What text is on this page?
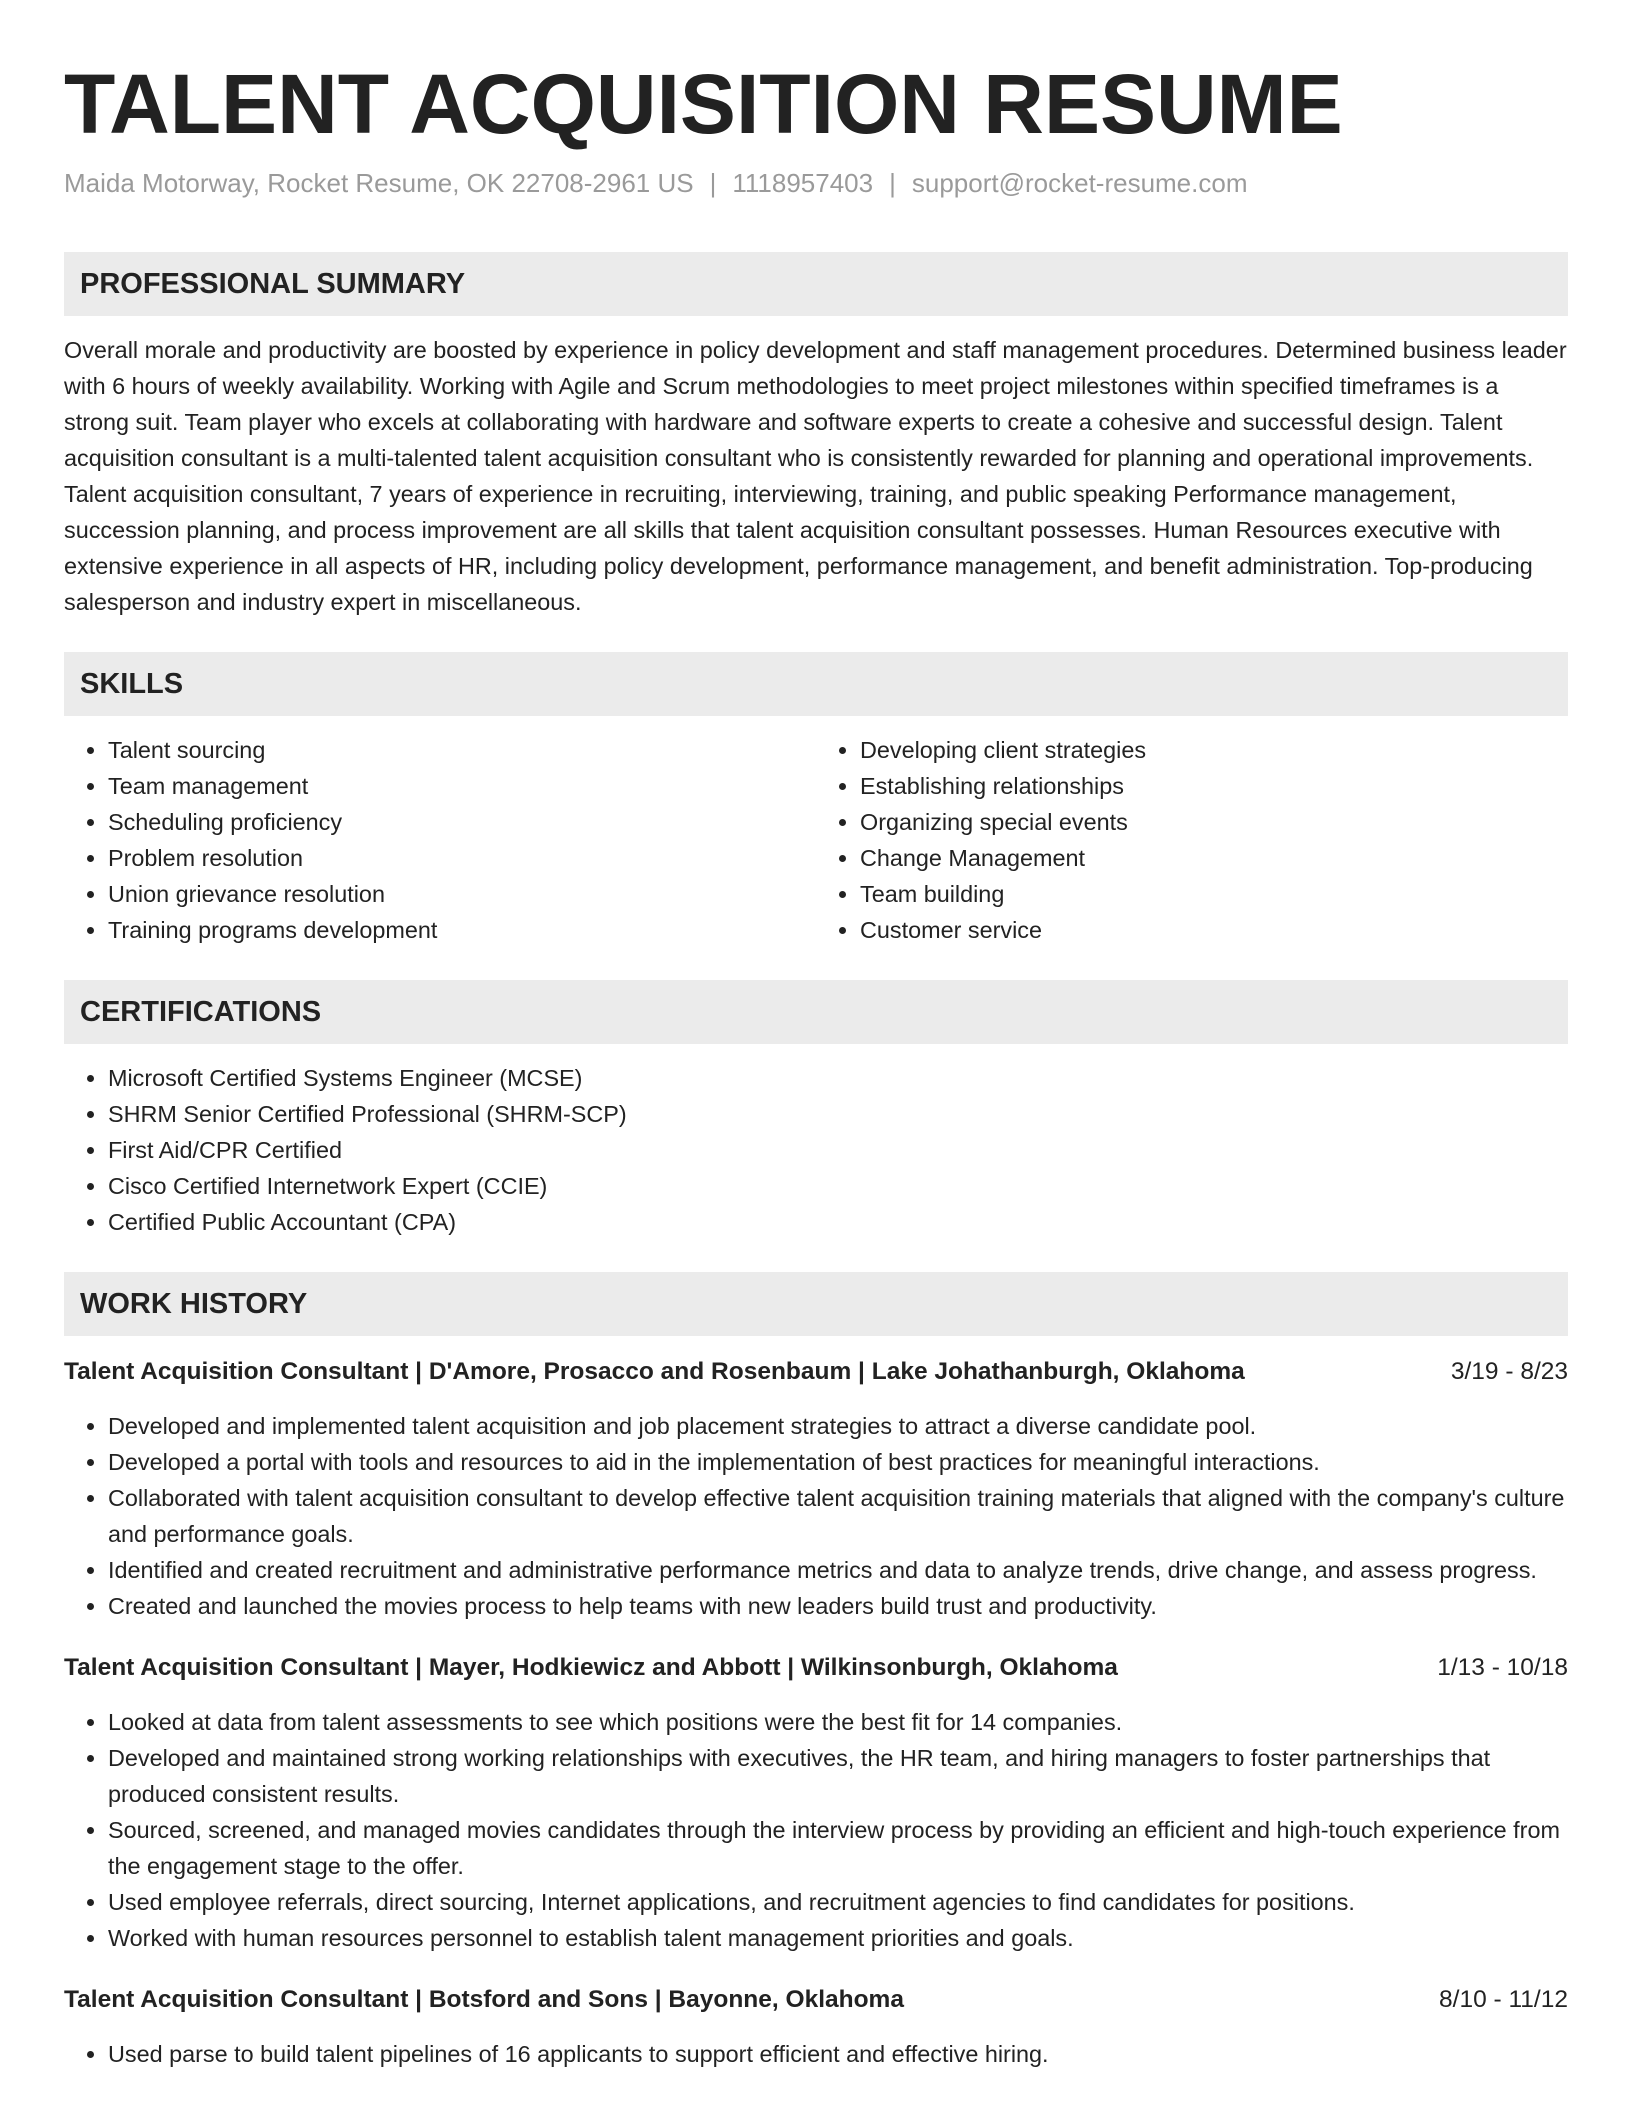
TALENT ACQUISITION RESUME
Maida Motorway, Rocket Resume, OK 22708-2961 US | 1118957403 | support@rocket-resume.com
PROFESSIONAL SUMMARY

Overall morale and productivity are boosted by experience in policy development and staff management procedures. Determined business leader with 6 hours of weekly availability. Working with Agile and Scrum methodologies to meet project milestones within specified timeframes is a strong suit. Team player who excels at collaborating with hardware and software experts to create a cohesive and successful design. Talent acquisition consultant is a multi-talented talent acquisition consultant who is consistently rewarded for planning and operational improvements. Talent acquisition consultant, 7 years of experience in recruiting, interviewing, training, and public speaking Performance management, succession planning, and process improvement are all skills that talent acquisition consultant possesses. Human Resources executive with extensive experience in all aspects of HR, including policy development, performance management, and benefit administration. Top-producing salesperson and industry expert in miscellaneous.

SKILLS
• Talent sourcing
• Team management
• Scheduling proficiency
• Problem resolution
• Union grievance resolution
• Training programs development
• Developing client strategies
• Establishing relationships
• Organizing special events
• Change Management
• Team building
• Customer service
CERTIFICATIONS
• Microsoft Certified Systems Engineer (MCSE)
• SHRM Senior Certified Professional (SHRM-SCP)
• First Aid/CPR Certified
• Cisco Certified Internetwork Expert (CCIE)
• Certified Public Accountant (CPA)
WORK HISTORY
Talent Acquisition Consultant | D'Amore, Prosacco and Rosenbaum | Lake Johathanburgh, Oklahoma	3/19 - 8/23
• Developed and implemented talent acquisition and job placement strategies to attract a diverse candidate pool.
• Developed a portal with tools and resources to aid in the implementation of best practices for meaningful interactions.
• Collaborated with talent acquisition consultant to develop effective talent acquisition training materials that aligned with the company's culture and performance goals.
• Identified and created recruitment and administrative performance metrics and data to analyze trends, drive change, and assess progress.
• Created and launched the movies process to help teams with new leaders build trust and productivity.
Talent Acquisition Consultant | Mayer, Hodkiewicz and Abbott | Wilkinsonburgh, Oklahoma	1/13 - 10/18
• Looked at data from talent assessments to see which positions were the best fit for 14 companies.
• Developed and maintained strong working relationships with executives, the HR team, and hiring managers to foster partnerships that produced consistent results.
• Sourced, screened, and managed movies candidates through the interview process by providing an efficient and high-touch experience from the engagement stage to the offer.
• Used employee referrals, direct sourcing, Internet applications, and recruitment agencies to find candidates for positions.
• Worked with human resources personnel to establish talent management priorities and goals.
Talent Acquisition Consultant | Botsford and Sons | Bayonne, Oklahoma	8/10 - 11/12
• Used parse to build talent pipelines of 16 applicants to support efficient and effective hiring.
